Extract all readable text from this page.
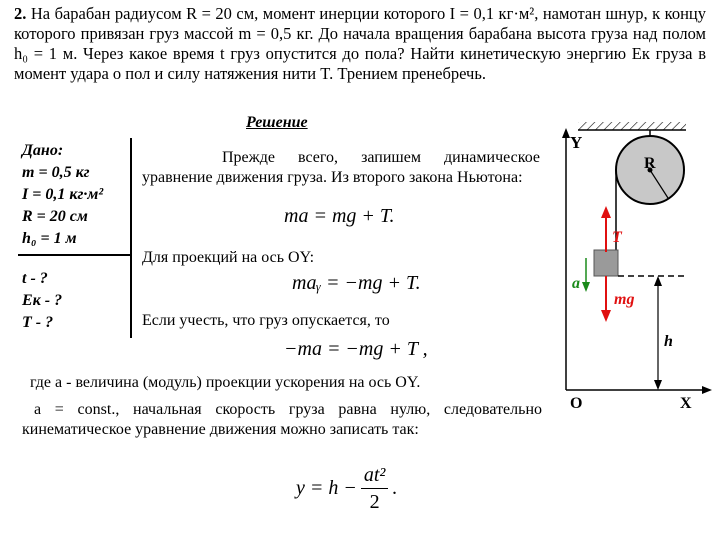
2. На барабан радиусом R = 20 см, момент инерции которого I = 0,1 кг·м², намотан шнур, к концу которого привязан груз массой m = 0,5 кг. До начала вращения барабана высота груза над полом h₀ = 1 м. Через какое время t груз опустится до пола? Найти кинетическую энергию Eк груза в момент удара о пол и силу натяжения нити T. Трением пренебречь.
Решение
Дано:
m = 0,5 кг
I = 0,1 кг·м²
R = 20 см
h₀ = 1 м
t - ?
Eк - ?
T - ?
Прежде всего, запишем динамическое уравнение движения груза. Из второго закона Ньютона:
ma = mg + T.
Для проекций на ось OY:
maᵧ = −mg + T.
Если учесть, что груз опускается, то
−ma = −mg + T ,
где a - величина (модуль) проекции ускорения на ось OY.
a = const., начальная скорость груза равна нулю, следовательно кинематическое уравнение движения можно записать так:
$y = h - \frac{\text{at²}}{2}$ .
Y
R
T
a
mg
h
O	X
